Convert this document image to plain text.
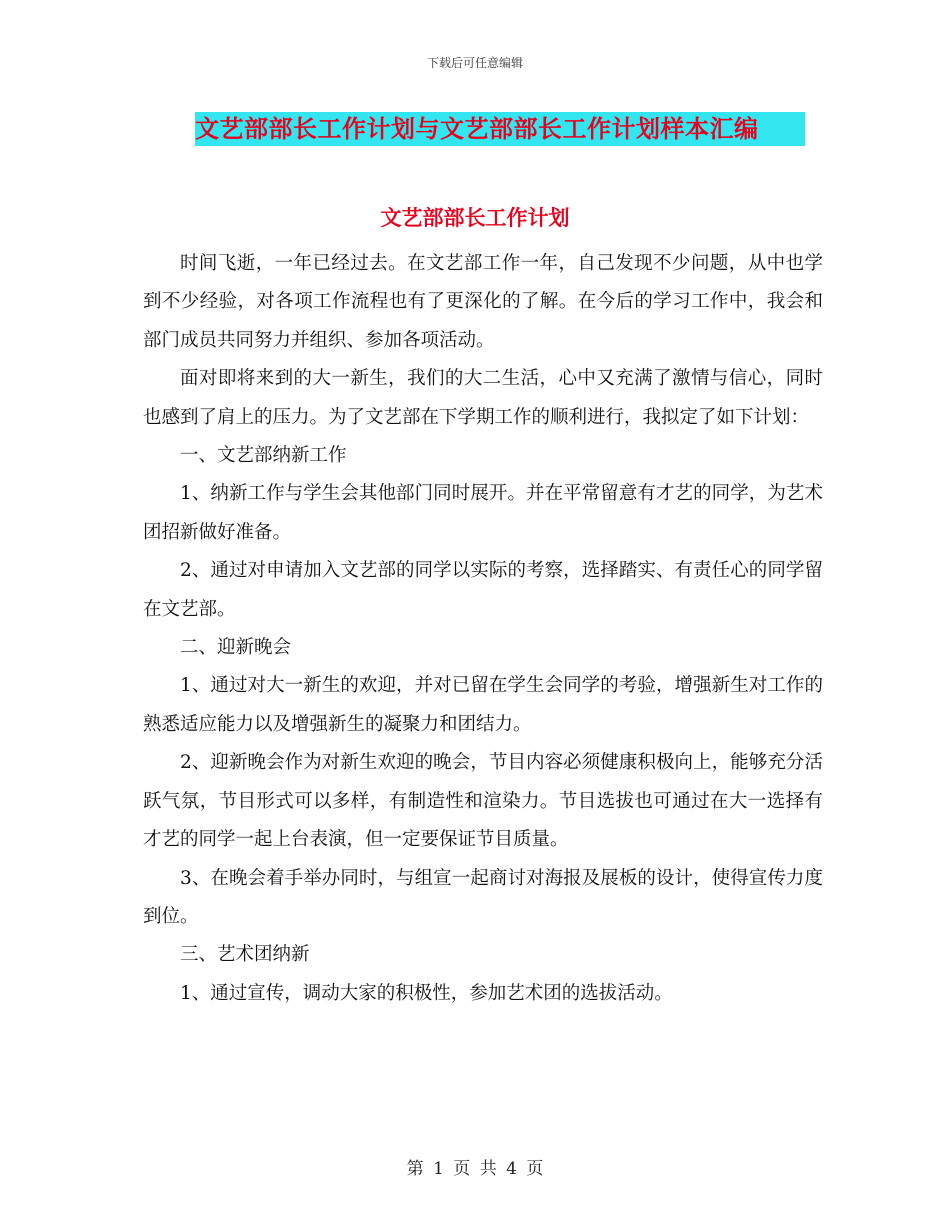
下载后可任意编辑
文艺部部长工作计划与文艺部部长工作计划样本汇编
文艺部部长工作计划

时间飞逝，一年已经过去。在文艺部工作一年，自己发现不少问题，从中也学到不少经验，对各项工作流程也有了更深化的了解。在今后的学习工作中，我会和部门成员共同努力并组织、参加各项活动。

面对即将来到的大一新生，我们的大二生活，心中又充满了激情与信心，同时也感到了肩上的压力。为了文艺部在下学期工作的顺利进行，我拟定了如下计划：

一、文艺部纳新工作

1、纳新工作与学生会其他部门同时展开。并在平常留意有才艺的同学，为艺术团招新做好准备。

2、通过对申请加入文艺部的同学以实际的考察，选择踏实、有责任心的同学留在文艺部。

二、迎新晚会

1、通过对大一新生的欢迎，并对已留在学生会同学的考验，增强新生对工作的熟悉适应能力以及增强新生的凝聚力和团结力。

2、迎新晚会作为对新生欢迎的晚会，节目内容必须健康积极向上，能够充分活跃气氛，节目形式可以多样，有制造性和渲染力。节目选拔也可通过在大一选择有才艺的同学一起上台表演，但一定要保证节目质量。

3、在晚会着手举办同时，与组宣一起商讨对海报及展板的设计，使得宣传力度到位。

三、艺术团纳新

1、通过宣传，调动大家的积极性，参加艺术团的选拔活动。

第 1 页 共 4 页
